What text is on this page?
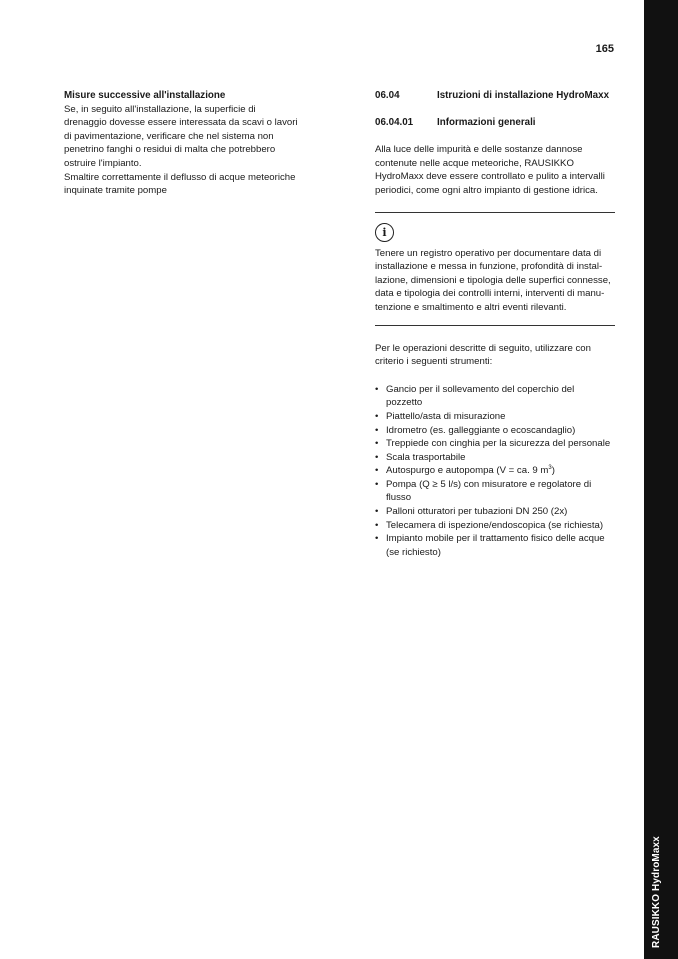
RAUSIKKO HydroMaxx
165
Misure successive all'installazione
Se, in seguito all'installazione, la superficie di
drenaggio dovesse essere interessata da scavi o lavori
di pavimentazione, verificare che nel sistema non
penetrino fanghi o residui di malta che potrebbero
ostruire l'impianto.
Smaltire correttamente il deflusso di acque meteoriche
inquinate tramite pompe
06.04	Istruzioni di installazione HydroMaxx
06.04.01	Informazioni generali
Alla luce delle impurità e delle sostanze dannose
contenute nelle acque meteoriche, RAUSIKKO
HydroMaxx deve essere controllato e pulito a intervalli
periodici, come ogni altro impianto di gestione idrica.
i
Tenere un registro operativo per documentare data di
installazione e messa in funzione, profondità di instal-
lazione, dimensioni e tipologia delle superfici connesse,
data e tipologia dei controlli interni, interventi di manu-
tenzione e smaltimento e altri eventi rilevanti.
Per le operazioni descritte di seguito, utilizzare con
criterio i seguenti strumenti:
• Gancio per il sollevamento del coperchio del
pozzetto
• Piattello/asta di misurazione
• Idrometro (es. galleggiante o ecoscandaglio)
• Treppiede con cinghia per la sicurezza del personale
• Scala trasportabile
• Autospurgo e autopompa (V = ca. 9 $m^3$)
• Pompa (Q ≥ 5 l/s) con misuratore e regolatore di
flusso
• Palloni otturatori per tubazioni DN 250 (2x)
• Telecamera di ispezione/endoscopica (se richiesta)
• Impianto mobile per il trattamento fisico delle acque
(se richiesto)
